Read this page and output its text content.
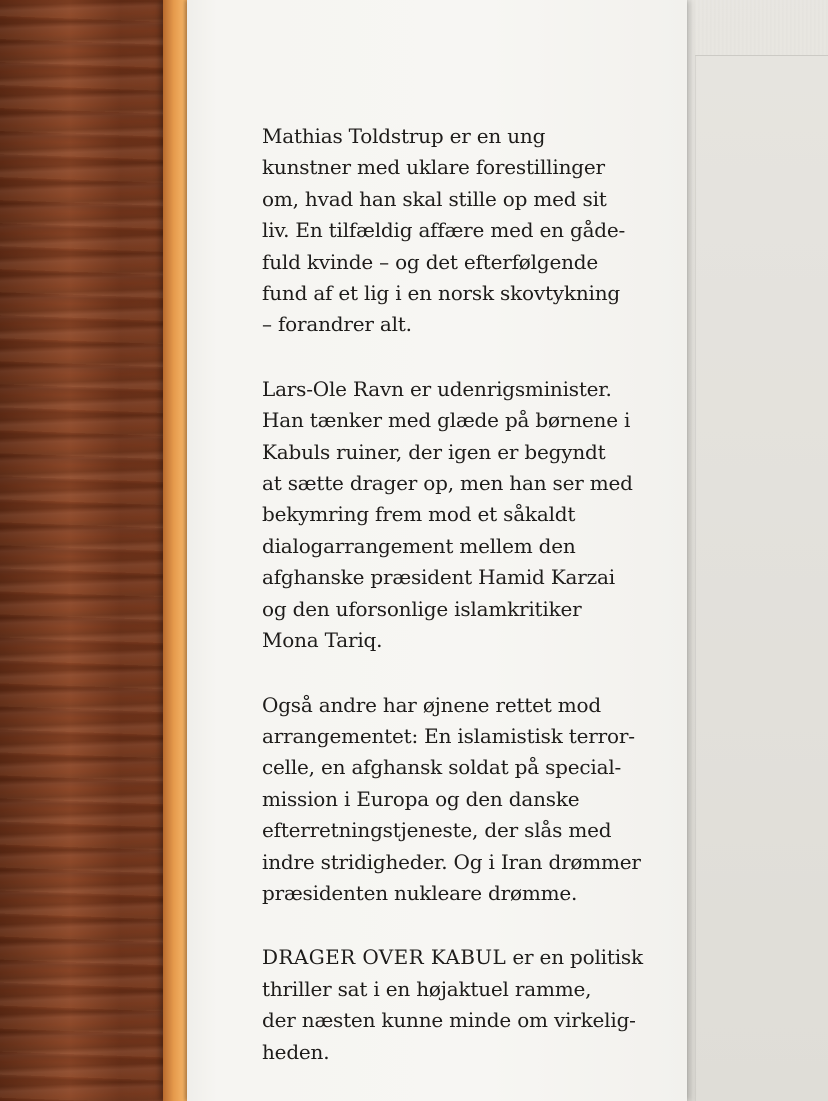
Mathias Toldstrup er en ung
kunstner med uklare forestillinger
om, hvad han skal stille op med sit
liv. En tilfældig affære med en gåde-
fuld kvinde – og det efterfølgende
fund af et lig i en norsk skovtykning
– forandrer alt.

Lars-Ole Ravn er udenrigsminister.
Han tænker med glæde på børnene i
Kabuls ruiner, der igen er begyndt
at sætte drager op, men han ser med
bekymring frem mod et såkaldt
dialogarrangement mellem den
afghanske præsident Hamid Karzai
og den uforsonlige islamkritiker
Mona Tariq.

Også andre har øjnene rettet mod
arrangementet: En islamistisk terror-
celle, en afghansk soldat på special-
mission i Europa og den danske
efterretningstjeneste, der slås med
indre stridigheder. Og i Iran drømmer
præsidenten nukleare drømme.

DRAGER OVER KABUL er en politisk
thriller sat i en højaktuel ramme,
der næsten kunne minde om virkelig-
heden.
